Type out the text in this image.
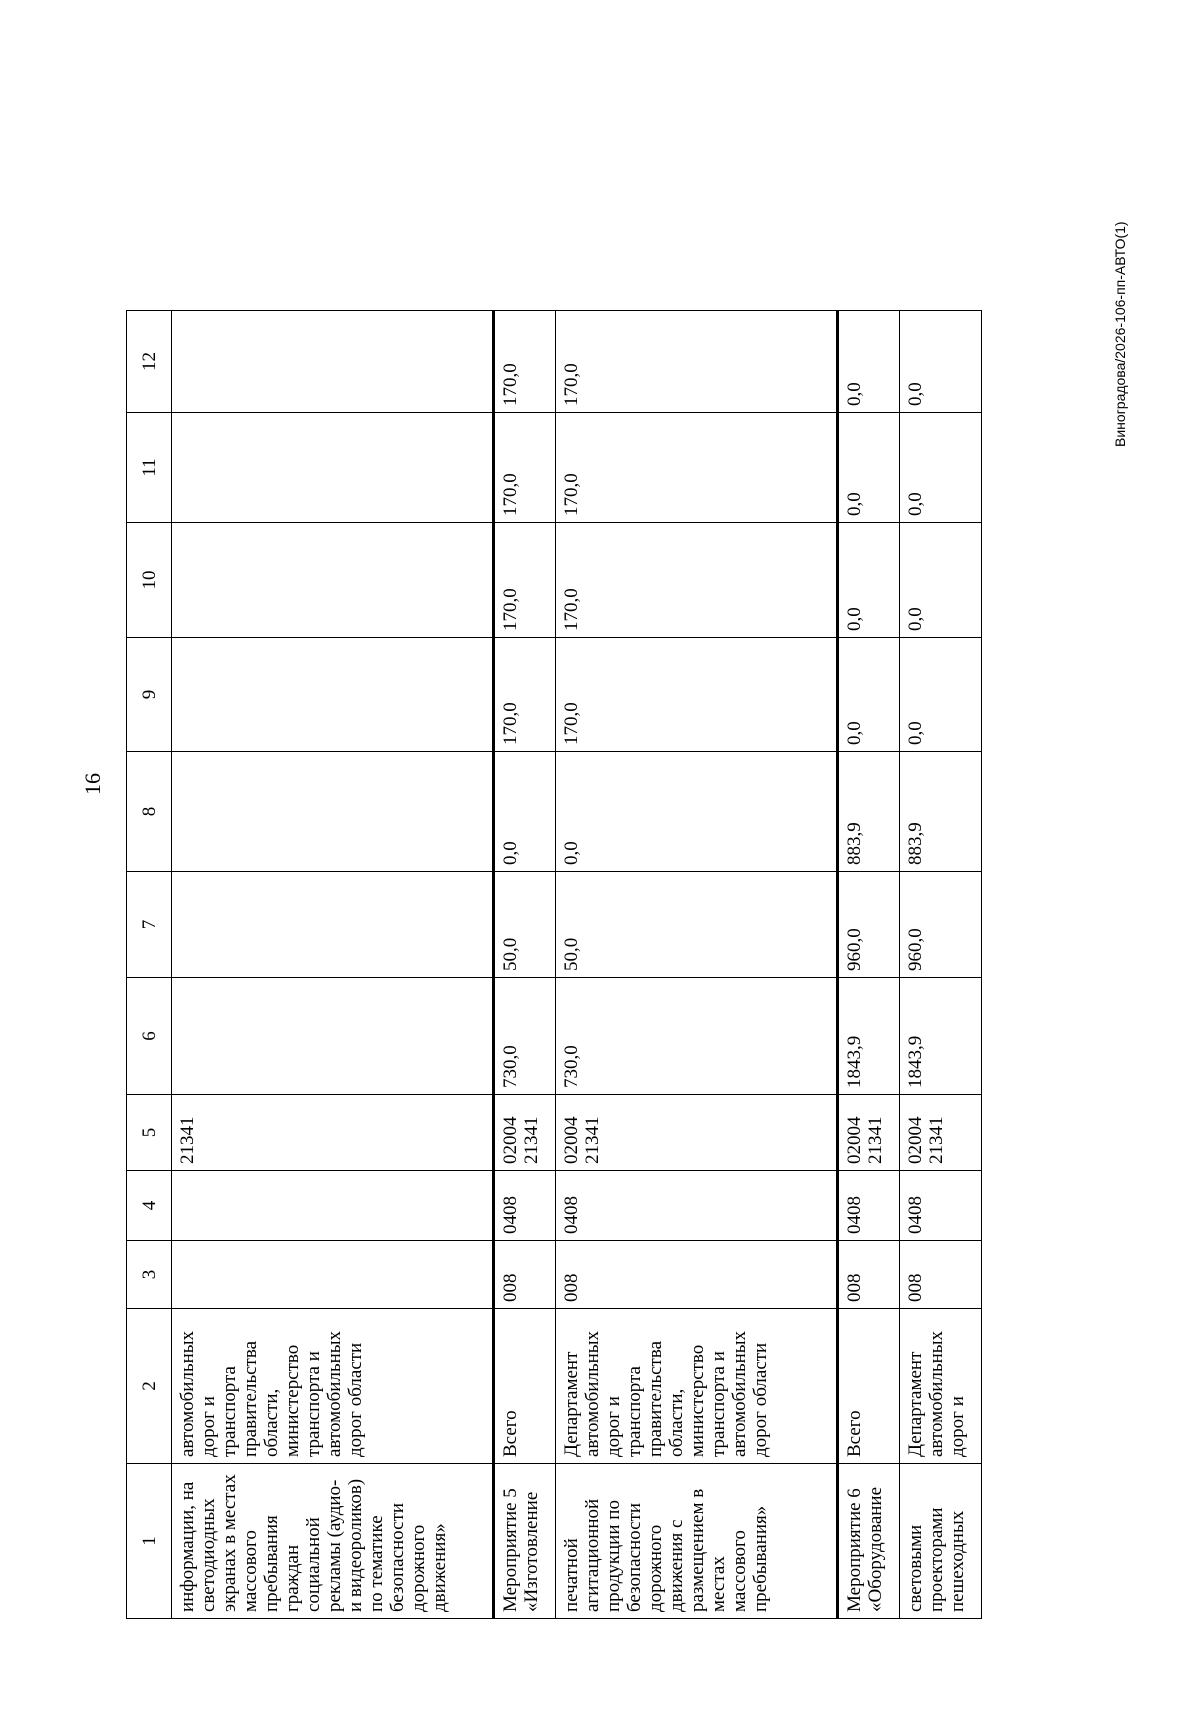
16
1	2	3	4	5	6	7	8	9	10	11	12
информации, на светодиодных экранах в местах массового пребывания граждан социальной рекламы (аудио- и видеороликов) по тематике безопасности дорожного движения»	автомобильных дорог и транспорта правительства области, министерство транспорта и автомобильных дорог области			21341							
Мероприятие 5 «Изготовление	Всего	008	0408	02004 21341	730,0	50,0	0,0	170,0	170,0	170,0	170,0
печатной агитационной продукции по безопасности дорожного движения с размещением в местах массового пребывания»	Департамент автомобильных дорог и транспорта правительства области, министерство транспорта и автомобильных дорог области	008	0408	02004 21341	730,0	50,0	0,0	170,0	170,0	170,0	170,0
Мероприятие 6 «Оборудование	Всего	008	0408	02004 21341	1843,9	960,0	883,9	0,0	0,0	0,0	0,0
световыми проекторами пешеходных	Департамент автомобильных дорог и	008	0408	02004 21341	1843,9	960,0	883,9	0,0	0,0	0,0	0,0	Виноградова/2026-106-пп-АВТО(1)
